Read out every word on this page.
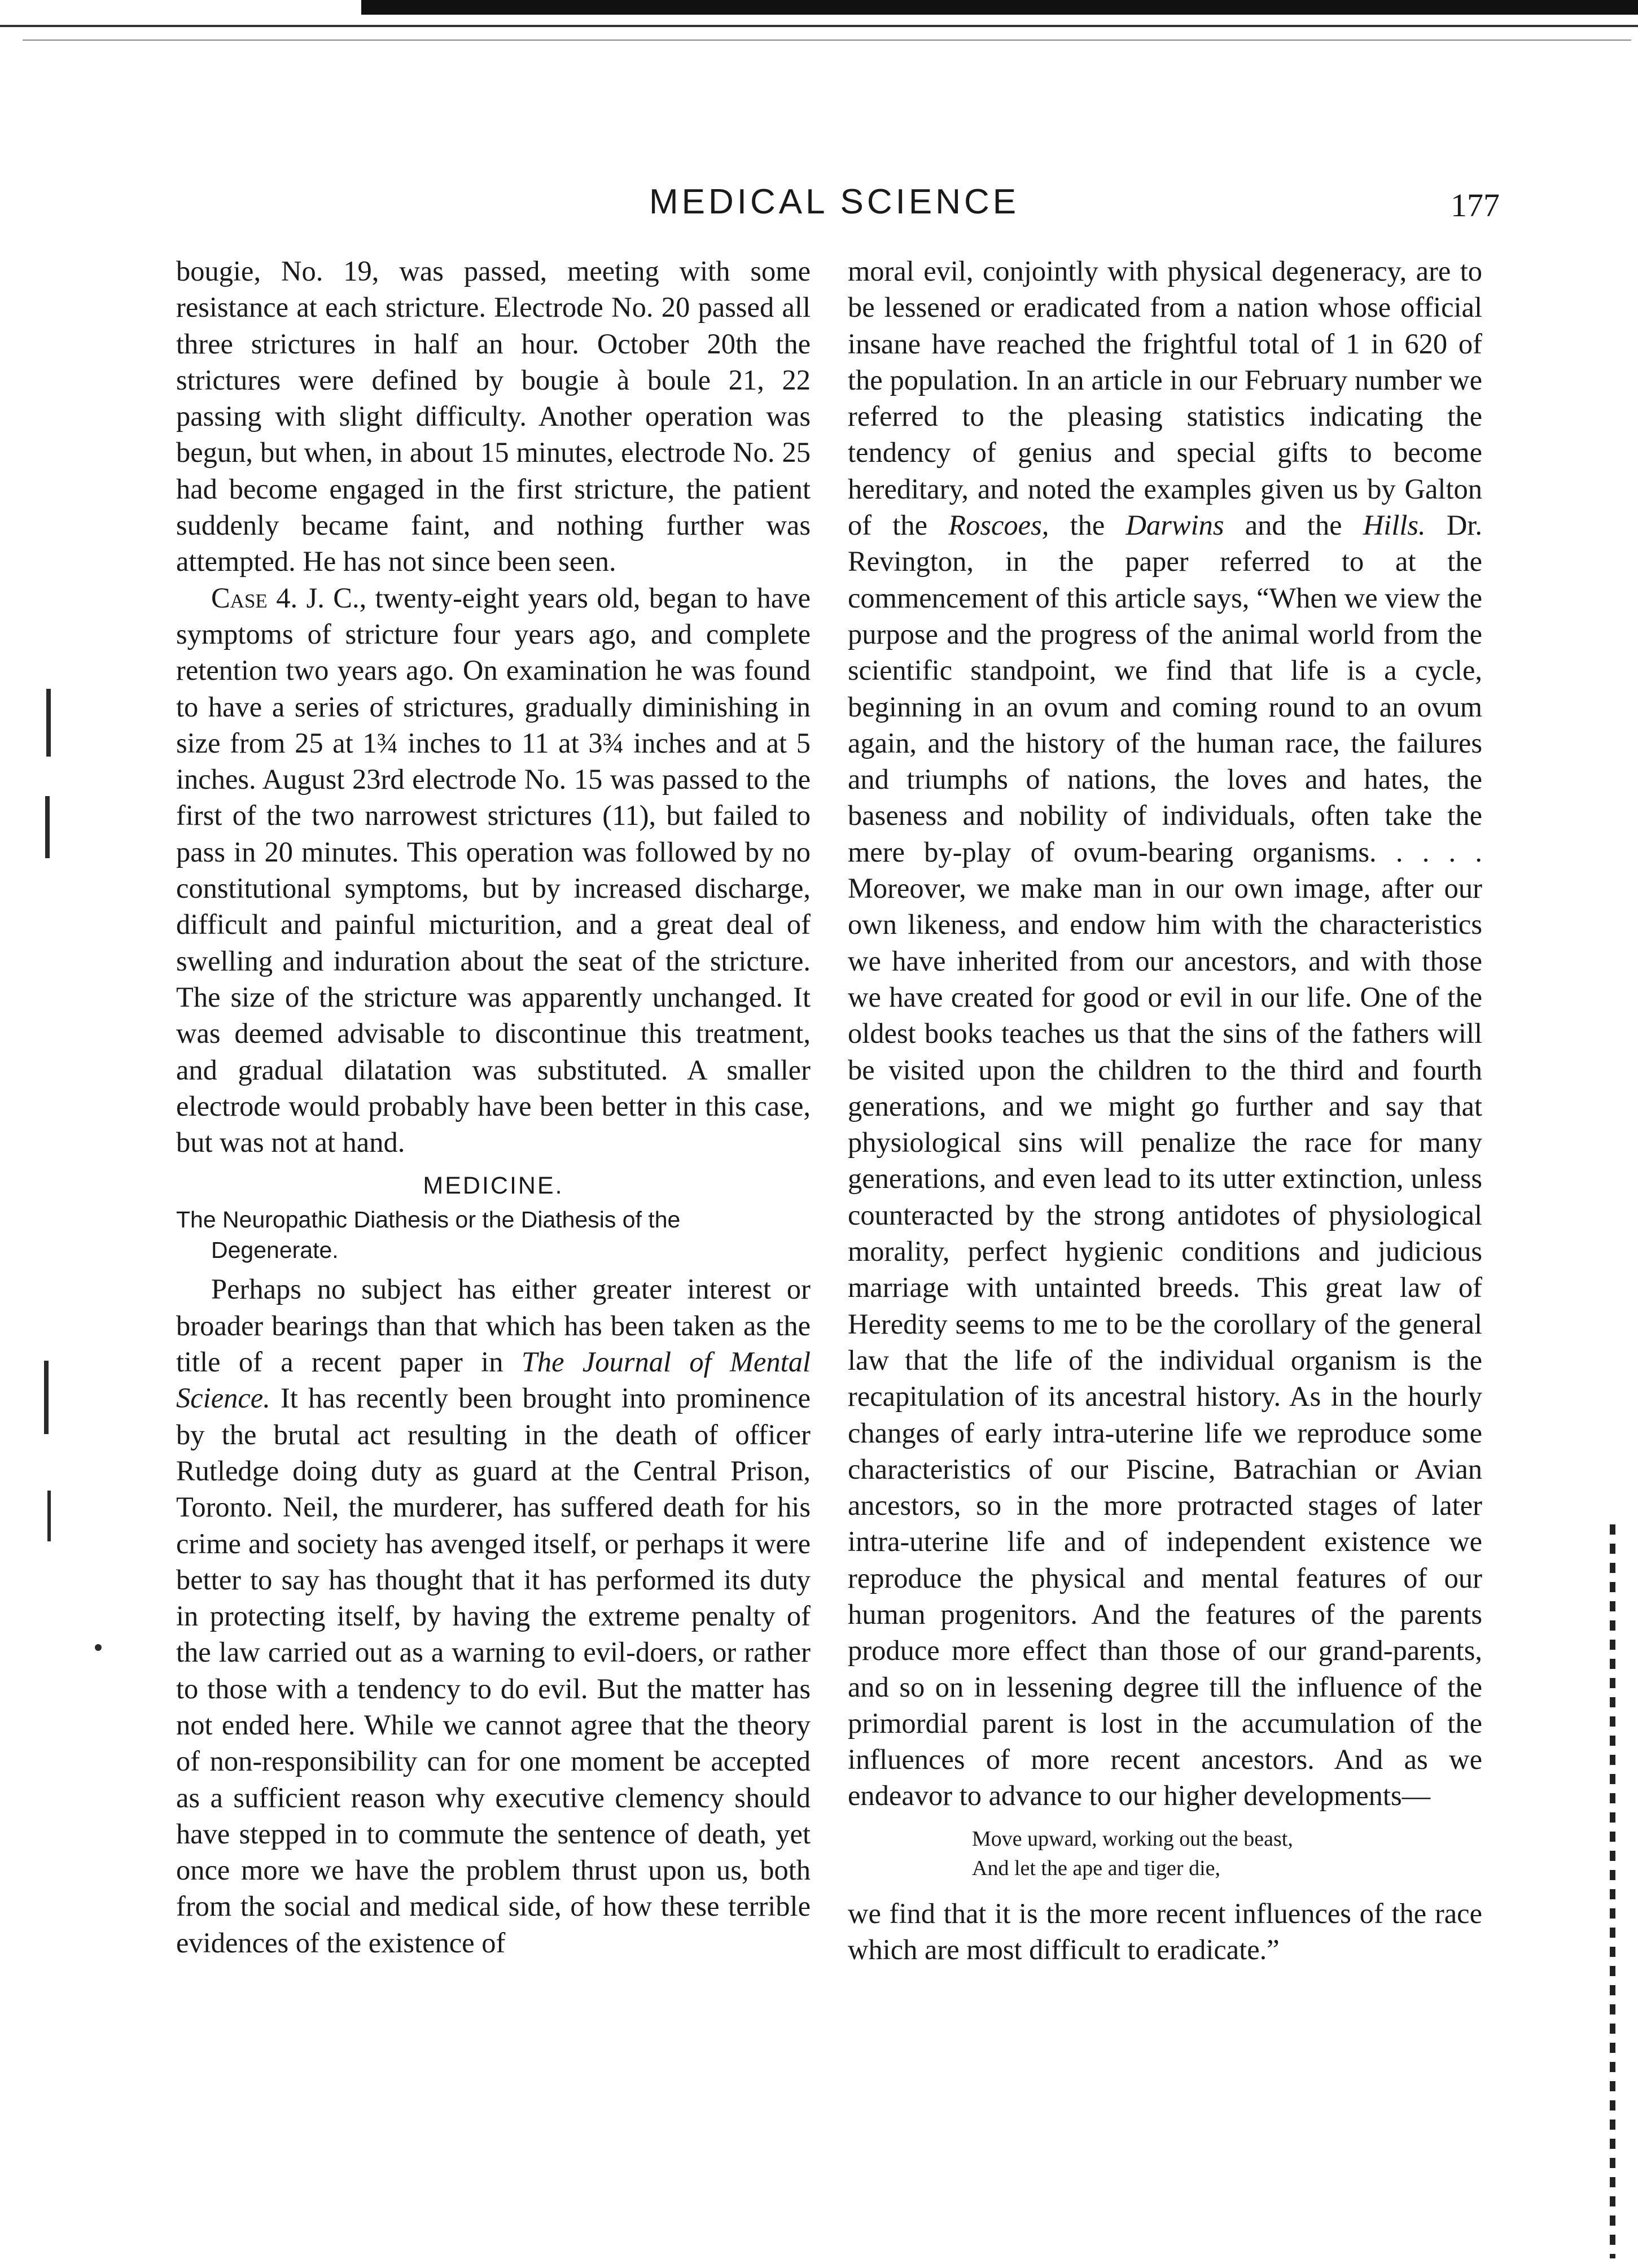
MEDICAL SCIENCE	177

bougie, No. 19, was passed, meeting with some resistance at each stricture. Electrode No. 20 passed all three strictures in half an hour. October 20th the strictures were defined by bougie à boule 21, 22 passing with slight difficulty. Another operation was begun, but when, in about 15 minutes, electrode No. 25 had become engaged in the first stricture, the patient suddenly became faint, and nothing further was attempted. He has not since been seen.

Case 4. J. C., twenty-eight years old, began to have symptoms of stricture four years ago, and complete retention two years ago. On examination he was found to have a series of strictures, gradually diminishing in size from 25 at 1¾ inches to 11 at 3¾ inches and at 5 inches. August 23rd electrode No. 15 was passed to the first of the two narrowest strictures (11), but failed to pass in 20 minutes. This operation was followed by no constitutional symptoms, but by increased discharge, difficult and painful micturition, and a great deal of swelling and induration about the seat of the stricture. The size of the stricture was apparently unchanged. It was deemed advisable to discontinue this treatment, and gradual dilatation was substituted. A smaller electrode would probably have been better in this case, but was not at hand.

MEDICINE.
The Neuropathic Diathesis or the Diathesis of the Degenerate.

Perhaps no subject has either greater interest or broader bearings than that which has been taken as the title of a recent paper in The Journal of Mental Science. It has recently been brought into prominence by the brutal act resulting in the death of officer Rutledge doing duty as guard at the Central Prison, Toronto. Neil, the murderer, has suffered death for his crime and society has avenged itself, or perhaps it were better to say has thought that it has performed its duty in protecting itself, by having the extreme penalty of the law carried out as a warning to evil-doers, or rather to those with a tendency to do evil. But the matter has not ended here. While we cannot agree that the theory of non-responsibility can for one moment be accepted as a sufficient reason why executive clemency should have stepped in to commute the sentence of death, yet once more we have the problem thrust upon us, both from the social and medical side, of how these terrible evidences of the existence of

moral evil, conjointly with physical degeneracy, are to be lessened or eradicated from a nation whose official insane have reached the frightful total of 1 in 620 of the population. In an article in our February number we referred to the pleasing statistics indicating the tendency of genius and special gifts to become hereditary, and noted the examples given us by Galton of the Roscoes, the Darwins and the Hills. Dr. Revington, in the paper referred to at the commencement of this article says, “When we view the purpose and the progress of the animal world from the scientific standpoint, we find that life is a cycle, beginning in an ovum and coming round to an ovum again, and the history of the human race, the failures and triumphs of nations, the loves and hates, the baseness and nobility of individuals, often take the mere by-play of ovum-bearing organisms. . . . . Moreover, we make man in our own image, after our own likeness, and endow him with the characteristics we have inherited from our ancestors, and with those we have created for good or evil in our life. One of the oldest books teaches us that the sins of the fathers will be visited upon the children to the third and fourth generations, and we might go further and say that physiological sins will penalize the race for many generations, and even lead to its utter extinction, unless counteracted by the strong antidotes of physiological morality, perfect hygienic conditions and judicious marriage with untainted breeds. This great law of Heredity seems to me to be the corollary of the general law that the life of the individual organism is the recapitulation of its ancestral history. As in the hourly changes of early intra-uterine life we reproduce some characteristics of our Piscine, Batrachian or Avian ancestors, so in the more protracted stages of later intra-uterine life and of independent existence we reproduce the physical and mental features of our human progenitors. And the features of the parents produce more effect than those of our grand-parents, and so on in lessening degree till the influence of the primordial parent is lost in the accumulation of the influences of more recent ancestors. And as we endeavor to advance to our higher developments—

Move upward, working out the beast,
And let the ape and tiger die,

we find that it is the more recent influences of the race which are most difficult to eradicate.”
